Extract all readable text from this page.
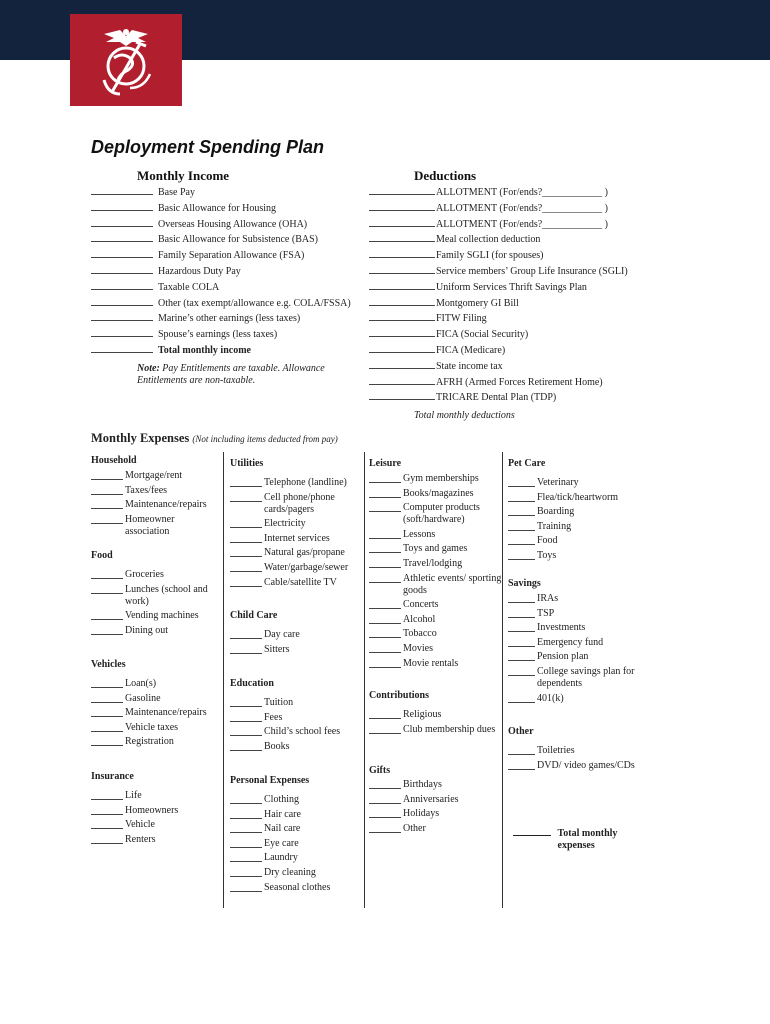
Deployment Spending Plan
Monthly Income
Base Pay
Basic Allowance for Housing
Overseas Housing Allowance (OHA)
Basic Allowance for Subsistence (BAS)
Family Separation Allowance (FSA)
Hazardous Duty Pay
Taxable COLA
Other (tax exempt/allowance e.g. COLA/FSSA)
Marine’s other earnings (less taxes)
Spouse’s earnings (less taxes)
Total monthly income
Note: Pay Entitlements are taxable. Allowance Entitlements are non-taxable.
Deductions
ALLOTMENT (For/ends?____________ )
ALLOTMENT (For/ends?____________ )
ALLOTMENT (For/ends?____________ )
Meal collection deduction
Family SGLI (for spouses)
Service members’ Group Life Insurance (SGLI)
Uniform Services Thrift Savings Plan
Montgomery GI Bill
FITW Filing
FICA (Social Security)
FICA (Medicare)
State income tax
AFRH (Armed Forces Retirement Home)
TRICARE Dental Plan (TDP)
Total monthly deductions
Monthly Expenses (Not including items deducted from pay)
Household
Mortgage/rent
Taxes/fees
Maintenance/repairs
Homeowner association
Food
Groceries
Lunches (school and work)
Vending machines
Dining out
Vehicles
Loan(s)
Gasoline
Maintenance/repairs
Vehicle taxes
Registration
Insurance
Life
Homeowners
Vehicle
Renters
Utilities
Telephone (landline)
Cell phone/phone cards/pagers
Electricity
Internet services
Natural gas/propane
Water/garbage/sewer
Cable/satellite TV
Child Care
Day care
Sitters
Education
Tuition
Fees
Child’s school fees
Books
Personal Expenses
Clothing
Hair care
Nail care
Eye care
Laundry
Dry cleaning
Seasonal clothes
Leisure
Gym memberships
Books/magazines
Computer products (soft/hardware)
Lessons
Toys and games
Travel/lodging
Athletic events/ sporting goods
Concerts
Alcohol
Tobacco
Movies
Movie rentals
Contributions
Religious
Club membership dues
Gifts
Birthdays
Anniversaries
Holidays
Other
Pet Care
Veterinary
Flea/tick/heartworm
Boarding
Training
Food
Toys
Savings
IRAs
TSP
Investments
Emergency fund
Pension plan
College savings plan for dependents
401(k)
Other
Toiletries
DVD/ video games/CDs
Total monthly expenses
